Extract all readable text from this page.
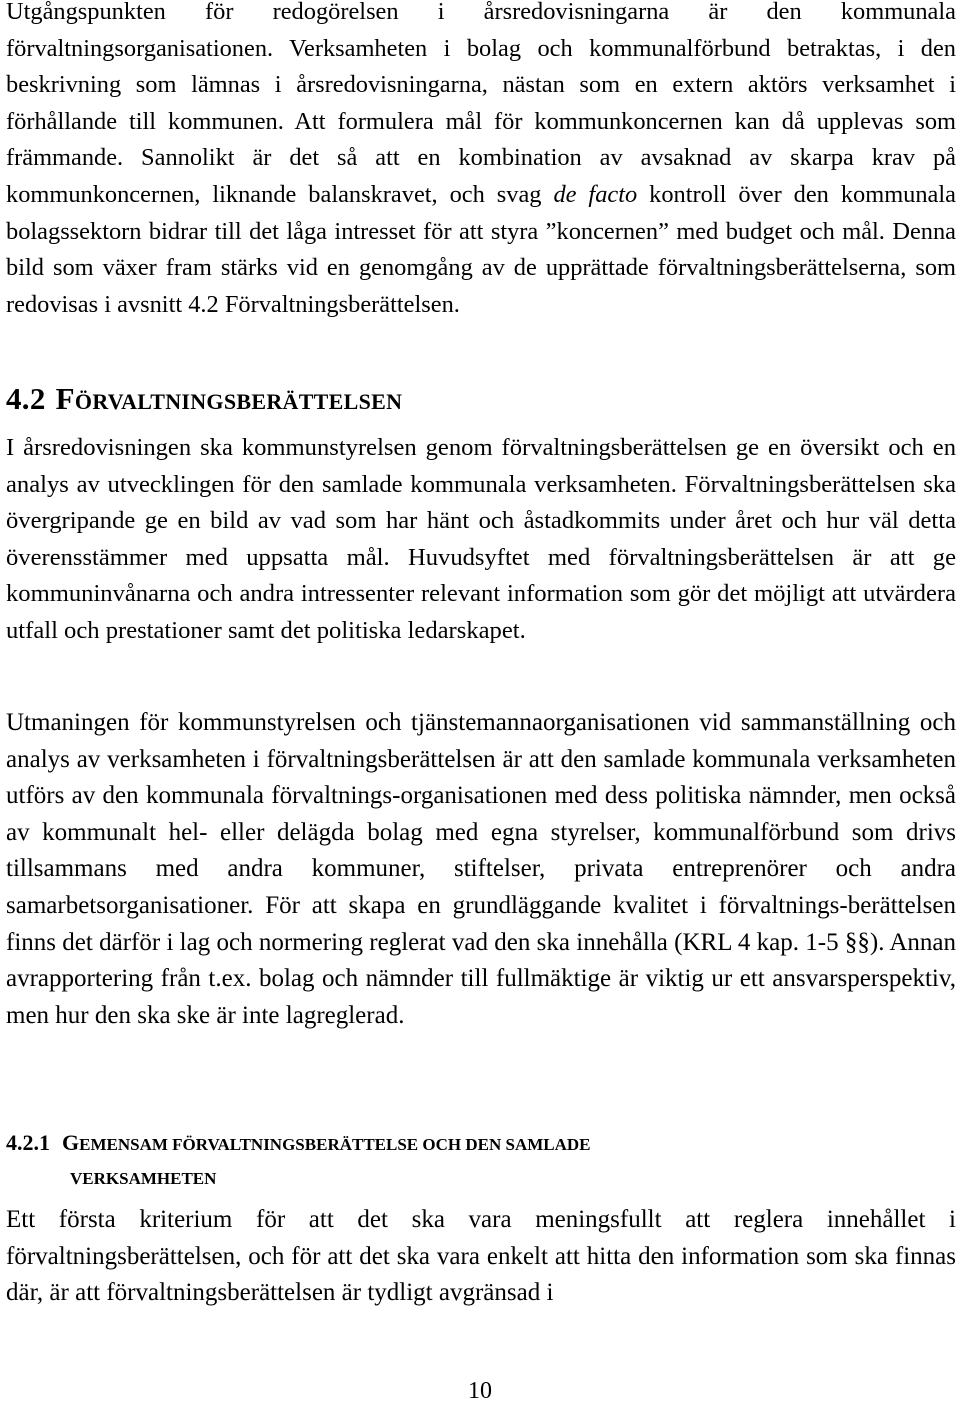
Utgångspunkten för redogörelsen i årsredovisningarna är den kommunala förvaltningsorganisationen. Verksamheten i bolag och kommunalförbund betraktas, i den beskrivning som lämnas i årsredovisningarna, nästan som en extern aktörs verksamhet i förhållande till kommunen. Att formulera mål för kommunkoncernen kan då upplevas som främmande. Sannolikt är det så att en kombination av avsaknad av skarpa krav på kommunkoncernen, liknande balanskravet, och svag de facto kontroll över den kommunala bolagssektorn bidrar till det låga intresset för att styra ”koncernen” med budget och mål. Denna bild som växer fram stärks vid en genomgång av de upprättade förvaltningsberättelserna, som redovisas i avsnitt 4.2 Förvaltningsberättelsen.

4.2 FÖRVALTNINGSBERÄTTELSEN

I årsredovisningen ska kommunstyrelsen genom förvaltningsberättelsen ge en översikt och en analys av utvecklingen för den samlade kommunala verksamheten. Förvaltningsberättelsen ska övergripande ge en bild av vad som har hänt och åstadkommits under året och hur väl detta överensstämmer med uppsatta mål. Huvudsyftet med förvaltningsberättelsen är att ge kommuninvånarna och andra intressenter relevant information som gör det möjligt att utvärdera utfall och prestationer samt det politiska ledarskapet.

Utmaningen för kommunstyrelsen och tjänstemannaorganisationen vid sammanställning och analys av verksamheten i förvaltningsberättelsen är att den samlade kommunala verksamheten utförs av den kommunala förvaltnings-organisationen med dess politiska nämnder, men också av kommunalt hel- eller delägda bolag med egna styrelser, kommunalförbund som drivs tillsammans med andra kommuner, stiftelser, privata entreprenörer och andra samarbetsorganisationer. För att skapa en grundläggande kvalitet i förvaltnings-berättelsen finns det därför i lag och normering reglerat vad den ska innehålla (KRL 4 kap. 1-5 §§). Annan avrapportering från t.ex. bolag och nämnder till fullmäktige är viktig ur ett ansvarsperspektiv, men hur den ska ske är inte lagreglerad.

4.2.1 GEMENSAM FÖRVALTNINGSBERÄTTELSE OCH DEN SAMLADE
VERKSAMHETEN

Ett första kriterium för att det ska vara meningsfullt att reglera innehållet i förvaltningsberättelsen, och för att det ska vara enkelt att hitta den information som ska finnas där, är att förvaltningsberättelsen är tydligt avgränsad i

10
